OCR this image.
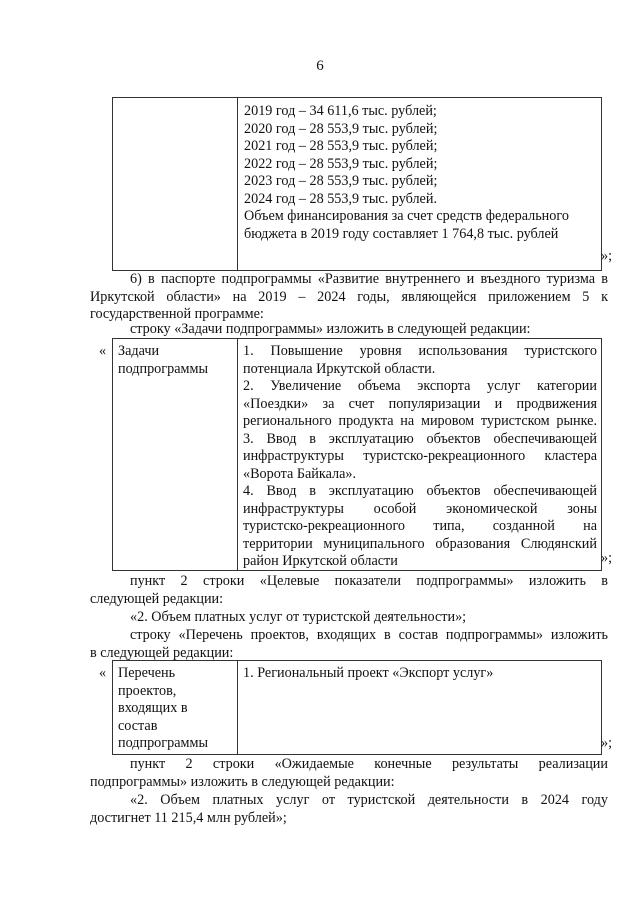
6
2019 год – 34 611,6 тыс. рублей;
2020 год – 28 553,9 тыс. рублей;
2021 год – 28 553,9 тыс. рублей;
2022 год – 28 553,9 тыс. рублей;
2023 год – 28 553,9 тыс. рублей;
2024 год – 28 553,9 тыс. рублей.
Объем финансирования за счет средств федерального
бюджета в 2019 году составляет 1 764,8 тыс. рублей
»;
6) в паспорте подпрограммы «Развитие внутреннего и въездного туризма в
Иркутской области» на 2019 – 2024 годы, являющейся приложением 5 к
государственной программе:
строку «Задачи подпрограммы» изложить в следующей редакции:
« Задачи
подпрограммы
1. Повышение уровня использования туристского
потенциала Иркутской области.
2. Увеличение объема экспорта услуг категории
«Поездки» за счет популяризации и продвижения
регионального продукта на мировом туристском рынке.
3. Ввод в эксплуатацию объектов обеспечивающей
инфраструктуры туристско-рекреационного кластера
«Ворота Байкала».
4. Ввод в эксплуатацию объектов обеспечивающей
инфраструктуры особой экономической зоны
туристско-рекреационного типа, созданной на
территории муниципального образования Слюдянский
район Иркутской области	»;
пункт 2 строки «Целевые показатели подпрограммы» изложить в
следующей редакции:
«2. Объем платных услуг от туристской деятельности»;
строку «Перечень проектов, входящих в состав подпрограммы» изложить
в следующей редакции:
« Перечень
проектов,
входящих в
состав
подпрограммы
1. Региональный проект «Экспорт услуг»
»;
пункт 2 строки «Ожидаемые конечные результаты реализации
подпрограммы» изложить в следующей редакции:
«2. Объем платных услуг от туристской деятельности в 2024 году
достигнет 11 215,4 млн рублей»;
